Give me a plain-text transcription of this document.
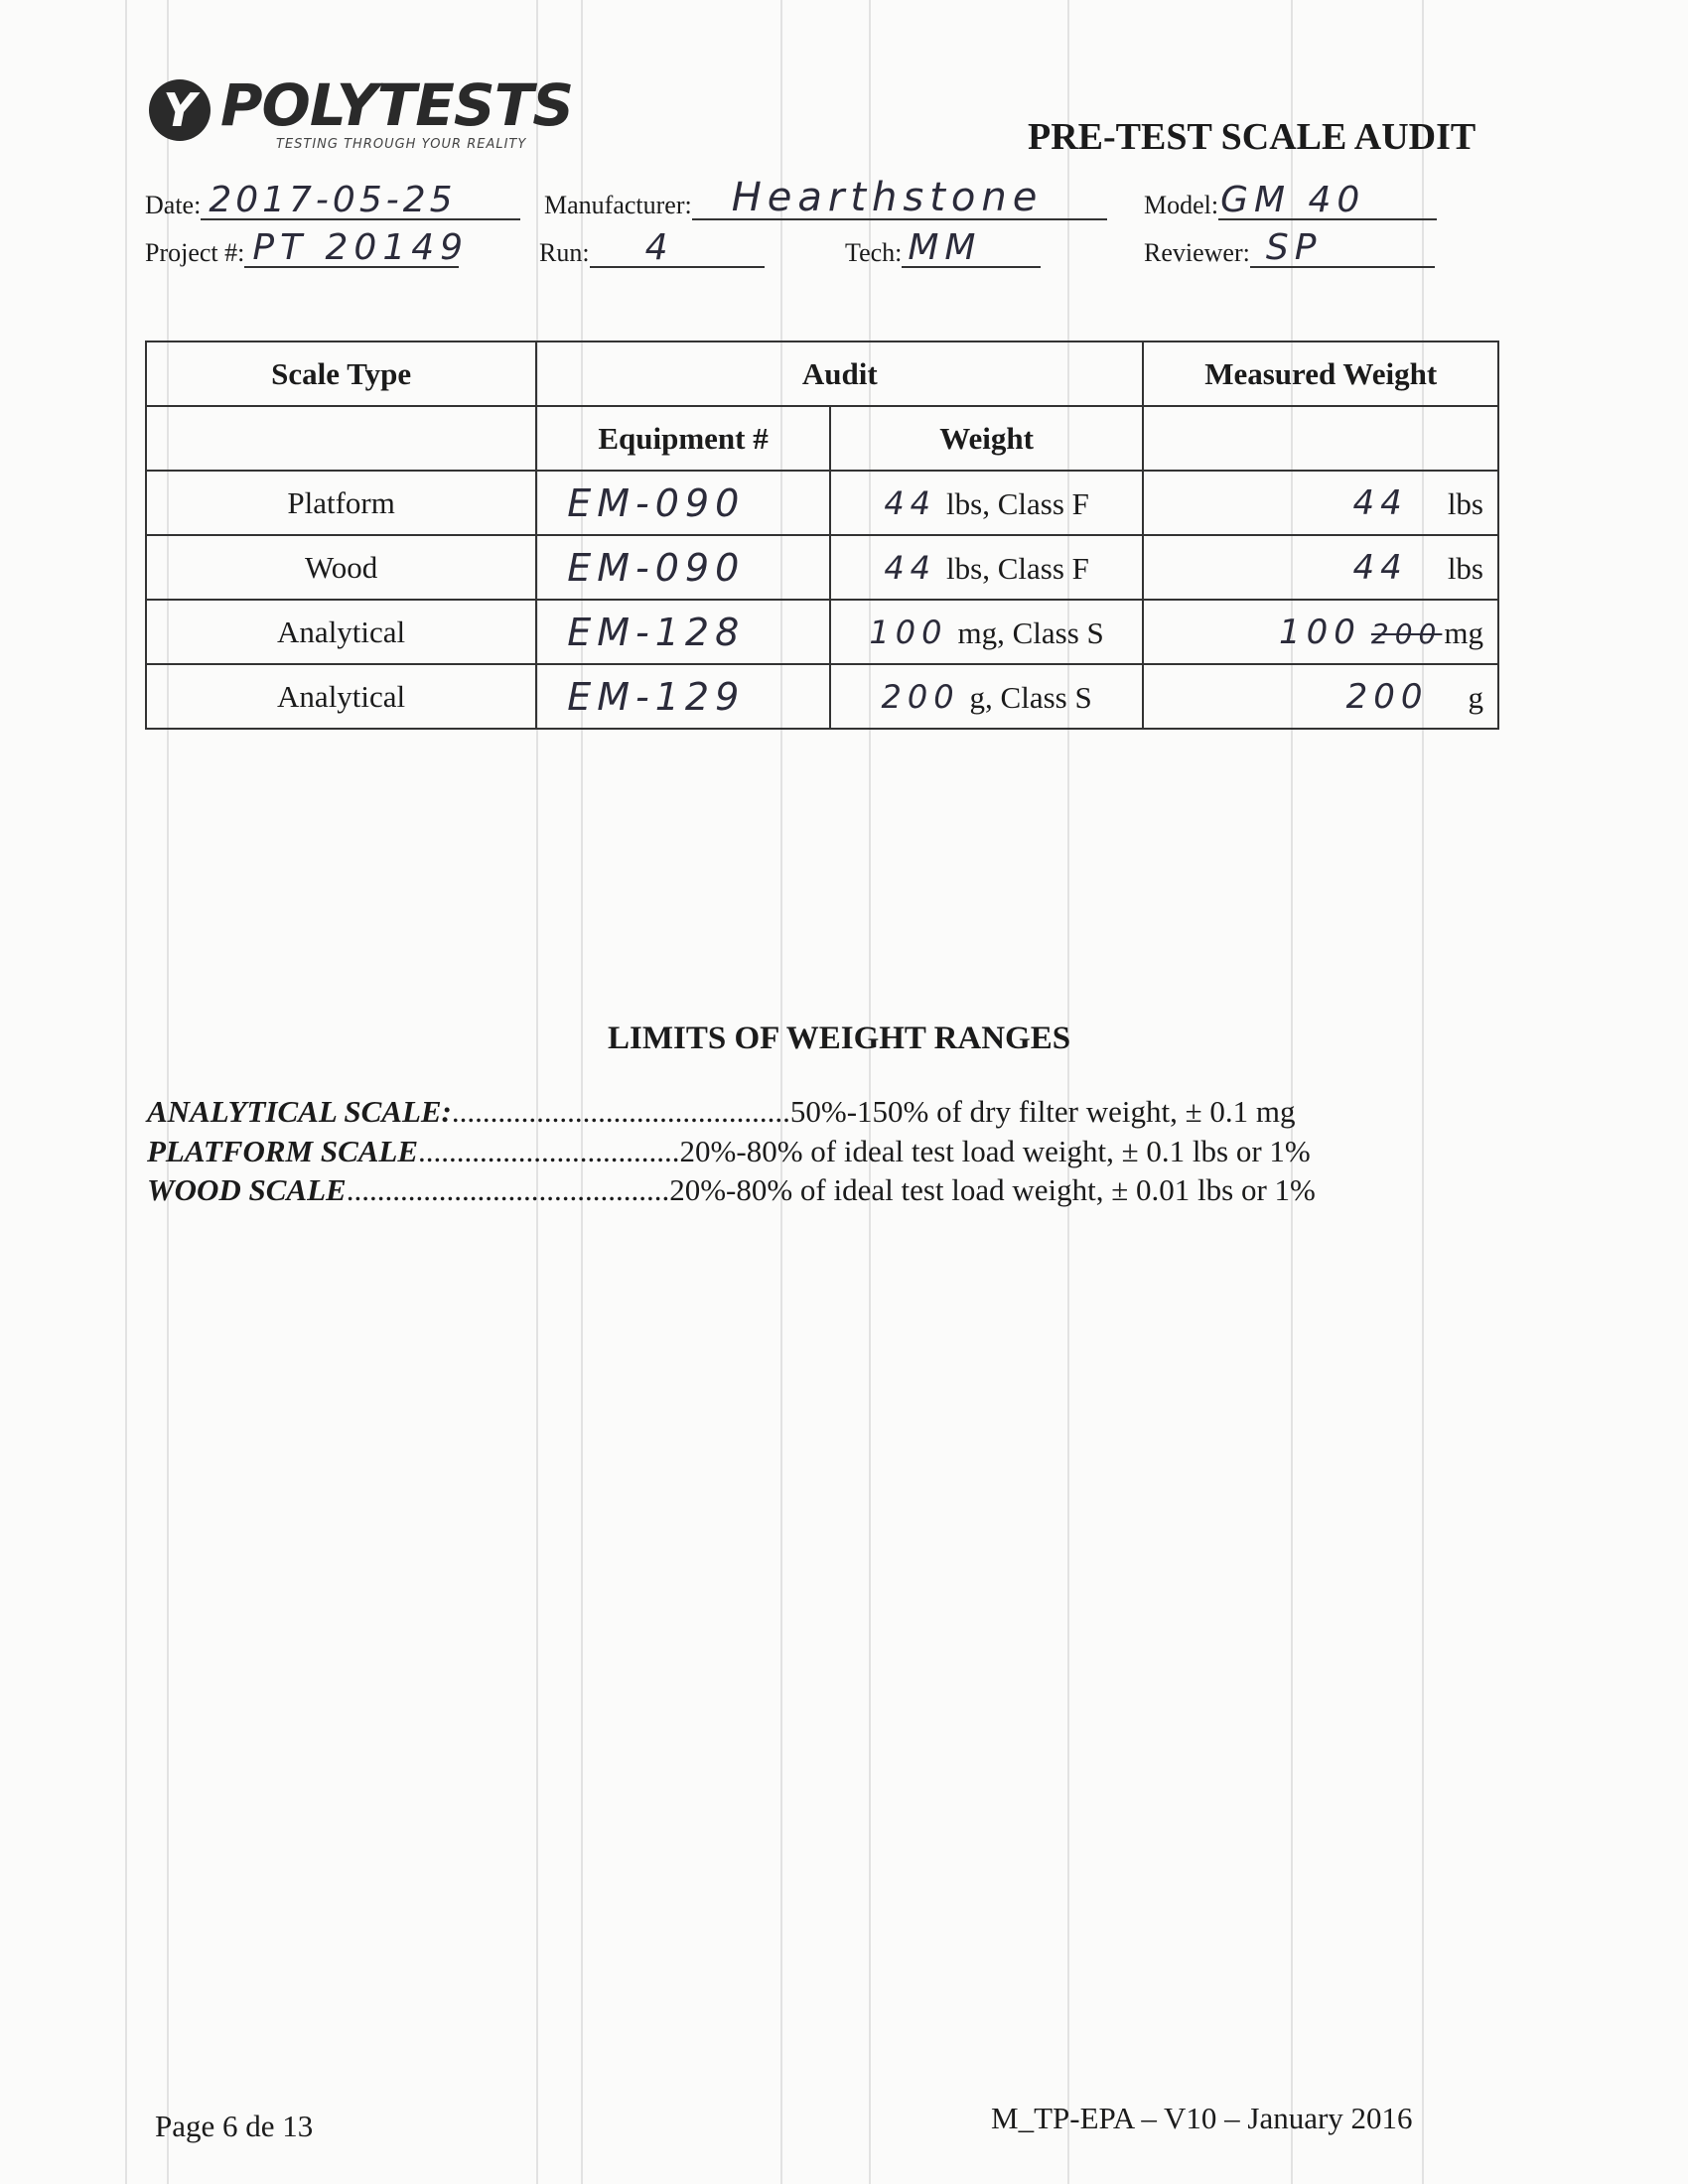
Y POLYTESTS
TESTING THROUGH YOUR REALITY	PRE-TEST SCALE AUDIT
Date: 2017-05-25	Manufacturer: Hearthstone	Model: GM 40
Project #: PT 20149	Run: 4	Tech: MM	Reviewer: SP
Scale Type	Audit		Measured Weight
	Equipment #	Weight	
Platform	EM-090	44 lbs, Class F	44 lbs
Wood	EM-090	44 lbs, Class F	44 lbs
Analytical	EM-128	100 mg, Class S	100 200mg
Analytical	EM-129	200 g, Class S	200 g
LIMITS OF WEIGHT RANGES
ANALYTICAL SCALE:............................................50%-150% of dry filter weight, ± 0.1 mg
PLATFORM SCALE..................................20%-80% of ideal test load weight, ± 0.1 lbs or 1%
WOOD SCALE..........................................20%-80% of ideal test load weight, ± 0.01 lbs or 1%
Page 6 de 13	M_TP-EPA – V10 – January 2016
